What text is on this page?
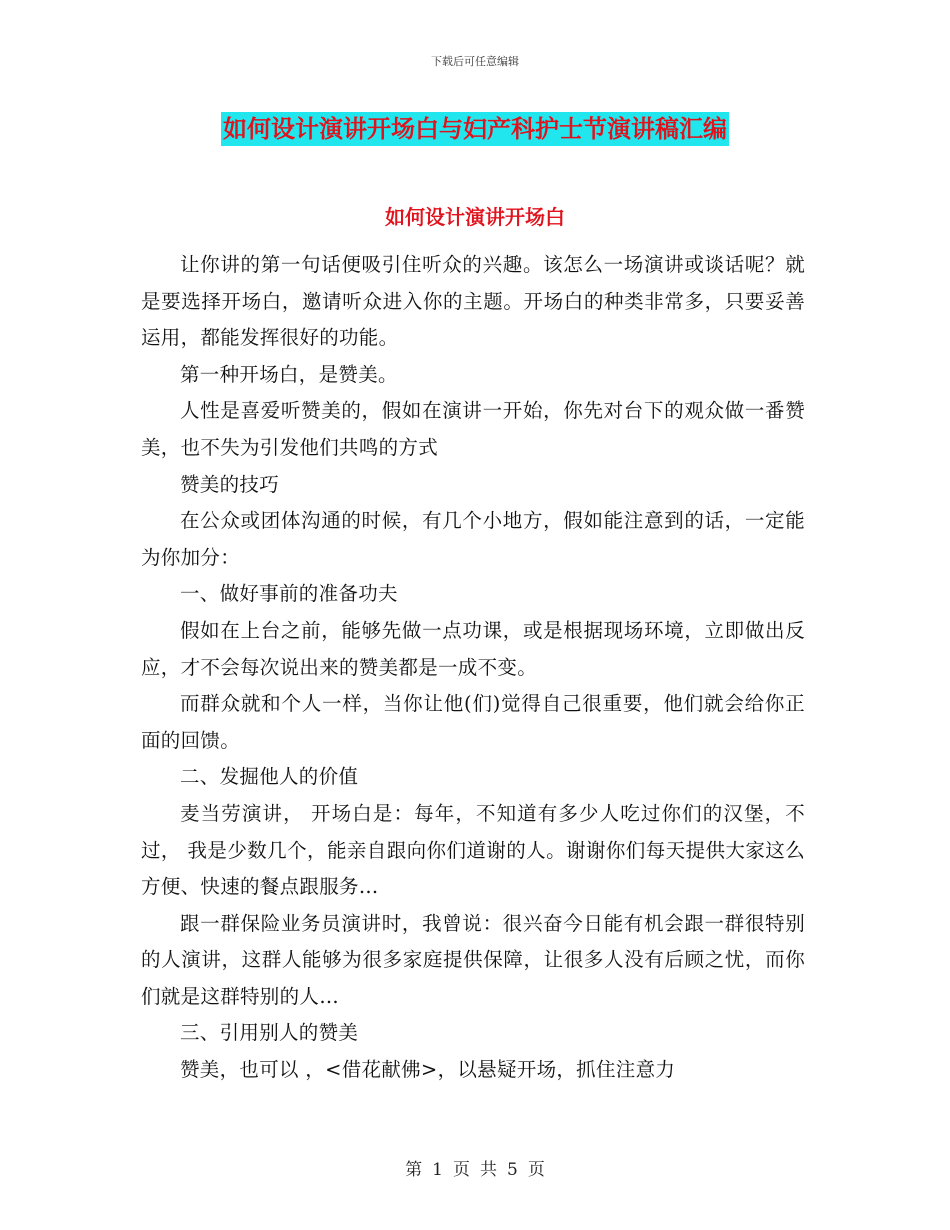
下载后可任意编辑
如何设计演讲开场白与妇产科护士节演讲稿汇编
如何设计演讲开场白

让你讲的第一句话便吸引住听众的兴趣。该怎么一场演讲或谈话呢？就是要选择开场白，邀请听众进入你的主题。开场白的种类非常多，只要妥善运用，都能发挥很好的功能。

第一种开场白，是赞美。

人性是喜爱听赞美的，假如在演讲一开始，你先对台下的观众做一番赞美，也不失为引发他们共鸣的方式

赞美的技巧

在公众或团体沟通的时候，有几个小地方，假如能注意到的话，一定能为你加分：

一、做好事前的准备功夫

假如在上台之前，能够先做一点功课，或是根据现场环境，立即做出反应，才不会每次说出来的赞美都是一成不变。

而群众就和个人一样，当你让他(们)觉得自己很重要，他们就会给你正面的回馈。

二、发掘他人的价值

麦当劳演讲， 开场白是：每年，不知道有多少人吃过你们的汉堡，不过， 我是少数几个，能亲自跟向你们道谢的人。谢谢你们每天提供大家这么方便、快速的餐点跟服务…

跟一群保险业务员演讲时，我曾说：很兴奋今日能有机会跟一群很特别的人演讲，这群人能够为很多家庭提供保障，让很多人没有后顾之忧，而你们就是这群特别的人…

三、引用别人的赞美

赞美，也可以 ，<借花献佛>，以悬疑开场，抓住注意力

第 1 页 共 5 页
